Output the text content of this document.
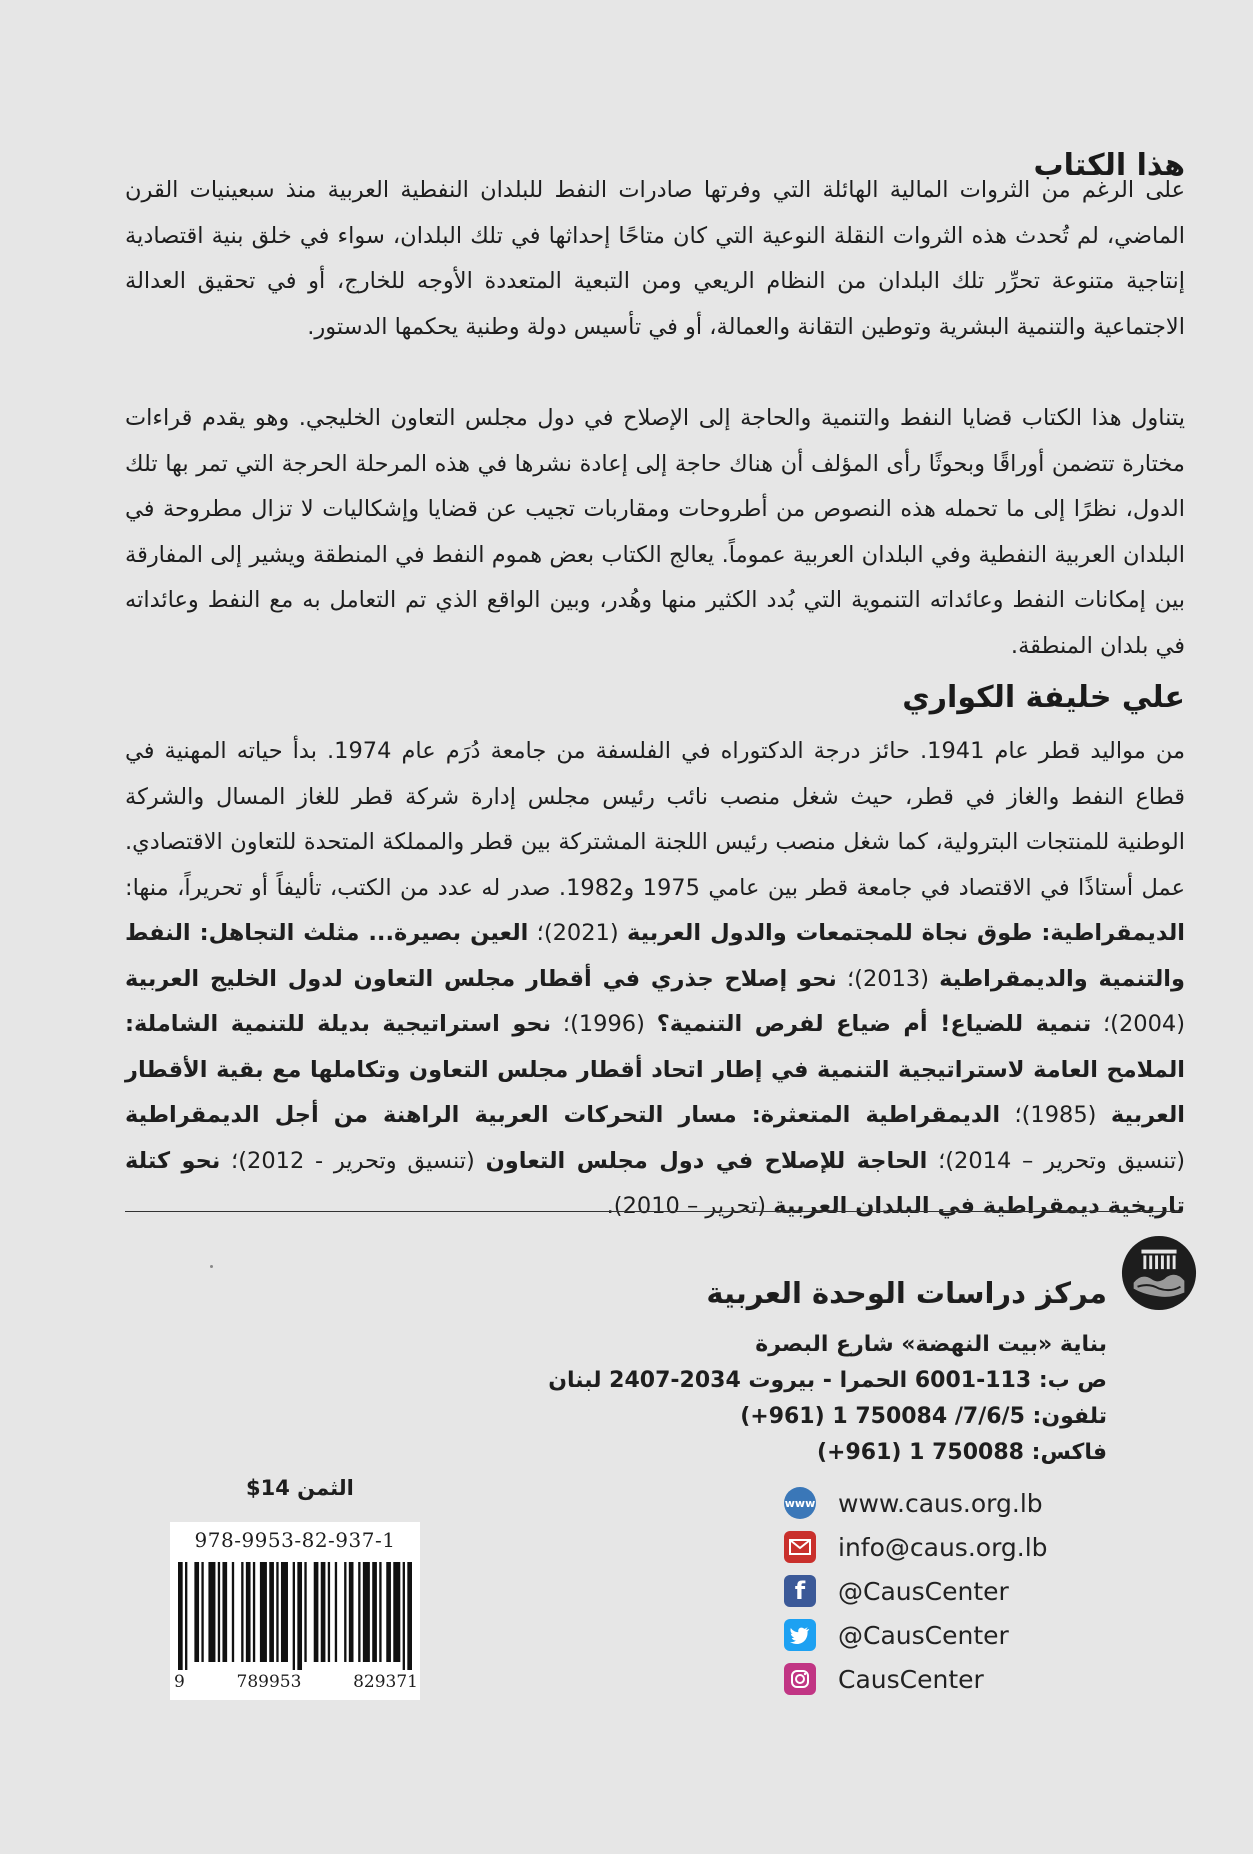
هذا الكتاب
على الرغم من الثروات المالية الهائلة التي وفرتها صادرات النفط للبلدان النفطية العربية منذ سبعينيات القرن الماضي، لم تُحدث هذه الثروات النقلة النوعية التي كان متاحًا إحداثها في تلك البلدان، سواء في خلق بنية اقتصادية إنتاجية متنوعة تحرِّر تلك البلدان من النظام الريعي ومن التبعية المتعددة الأوجه للخارج، أو في تحقيق العدالة الاجتماعية والتنمية البشرية وتوطين التقانة والعمالة، أو في تأسيس دولة وطنية يحكمها الدستور.
يتناول هذا الكتاب قضايا النفط والتنمية والحاجة إلى الإصلاح في دول مجلس التعاون الخليجي. وهو يقدم قراءات مختارة تتضمن أوراقًا وبحوثًا رأى المؤلف أن هناك حاجة إلى إعادة نشرها في هذه المرحلة الحرجة التي تمر بها تلك الدول، نظرًا إلى ما تحمله هذه النصوص من أطروحات ومقاربات تجيب عن قضايا وإشكاليات لا تزال مطروحة في البلدان العربية النفطية وفي البلدان العربية عموماً. يعالج الكتاب بعض هموم النفط في المنطقة ويشير إلى المفارقة بين إمكانات النفط وعائداته التنموية التي بُدد الكثير منها وهُدر، وبين الواقع الذي تم التعامل به مع النفط وعائداته في بلدان المنطقة.
علي خليفة الكواري
من مواليد قطر عام 1941. حائز درجة الدكتوراه في الفلسفة من جامعة دُرَم عام 1974. بدأ حياته المهنية في قطاع النفط والغاز في قطر، حيث شغل منصب نائب رئيس مجلس إدارة شركة قطر للغاز المسال والشركة الوطنية للمنتجات البترولية، كما شغل منصب رئيس اللجنة المشتركة بين قطر والمملكة المتحدة للتعاون الاقتصادي. عمل أستاذًا في الاقتصاد في جامعة قطر بين عامي 1975 و1982. صدر له عدد من الكتب، تأليفاً أو تحريراً، منها: الديمقراطية: طوق نجاة للمجتمعات والدول العربية (2021)؛ العين بصيرة... مثلث التجاهل: النفط والتنمية والديمقراطية (2013)؛ نحو إصلاح جذري في أقطار مجلس التعاون لدول الخليج العربية (2004)؛ تنمية للضياع! أم ضياع لفرص التنمية؟ (1996)؛ نحو استراتيجية بديلة للتنمية الشاملة: الملامح العامة لاستراتيجية التنمية في إطار اتحاد أقطار مجلس التعاون وتكاملها مع بقية الأقطار العربية (1985)؛ الديمقراطية المتعثرة: مسار التحركات العربية الراهنة من أجل الديمقراطية (تنسيق وتحرير – 2014)؛ الحاجة للإصلاح في دول مجلس التعاون (تنسيق وتحرير - 2012)؛ نحو كتلة تاريخية ديمقراطية في البلدان العربية (تحرير – 2010).
مركز دراسات الوحدة العربية
بناية «بيت النهضة» شارع البصرة
ص ب: 113-6001 الحمرا - بيروت 2034-2407 لبنان
تلفون: 7/6/5/ 750084 1 (961+)
فاكس: 750088 1 (961+)
الثمن 14$
978-9953-82-937-1
9	789953	829371
www www.caus.org.lb
info@caus.org.lb
f	@CausCenter
@CausCenter
CausCenter
